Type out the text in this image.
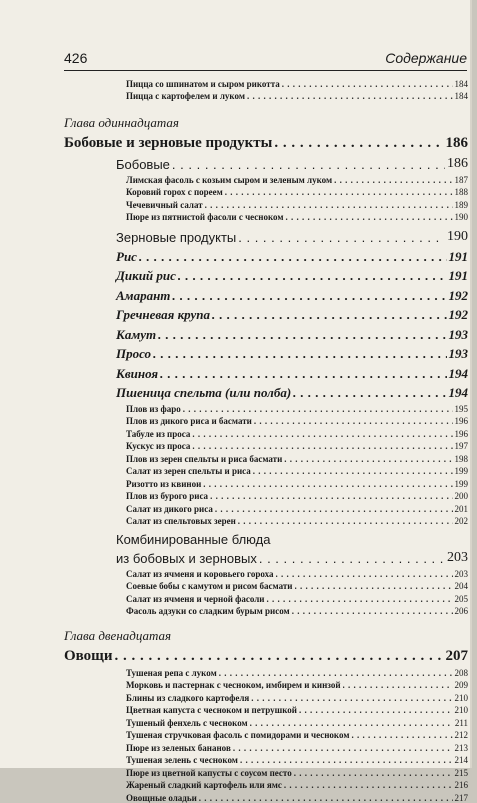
426	Содержание
Пицца со шпинатом и сыром рикотта . . .	184
Пицца с картофелем и луком . . .	184
Глава одиннадцатая
Бобовые и зерновые продукты . . .	186
Бобовые . . .	186
Лимская фасоль с козьим сыром и зеленым луком . . .	187
Коровий горох с пореем . . .	188
Чечевичный салат . . .	189
Пюре из пятнистой фасоли с чесноком . . .	190
Зерновые продукты . . .	190
Рис . . .	191
Дикий рис . . .	191
Амарант . . .	192
Гречневая крупа . . .	192
Камут . . .	193
Просо . . .	193
Квиноя . . .	194
Пшеница спельта (или полба) . . .	194
Плов из фаро . . .	195
Плов из дикого риса и басмати . . .	196
Табуле из проса . . .	196
Кускус из проса . . .	197
Плов из зерен спельты и риса басмати . . .	198
Салат из зерен спельты и риса . . .	199
Ризотто из квинои . . .	199
Плов из бурого риса . . .	200
Салат из дикого риса . . .	201
Салат из спельтовых зерен . . .	202
Комбинированные блюда
из бобовых и зерновых . . .	203
Салат из ячменя и коровьего гороха . . .	203
Соевые бобы с камутом и рисом басмати . . .	204
Салат из ячменя и черной фасоли . . .	205
Фасоль адзуки со сладким бурым рисом . . .	206
Глава двенадцатая
Овощи . . .	207
Тушеная репа с луком . . .	208
Морковь и пастернак с чесноком, имбирем и кинзой . . .	209
Блины из сладкого картофеля . . .	210
Цветная капуста с чесноком и петрушкой . . .	210
Тушеный фенхель с чесноком . . .	211
Тушеная стручковая фасоль с помидорами и чесноком . . .	212
Пюре из зеленых бананов . . .	213
Тушеная зелень с чесноком . . .	214
Пюре из цветной капусты с соусом песто . . .	215
Жареный сладкий картофель или ямс . . .	216
Овощные оладьи . . .	217
